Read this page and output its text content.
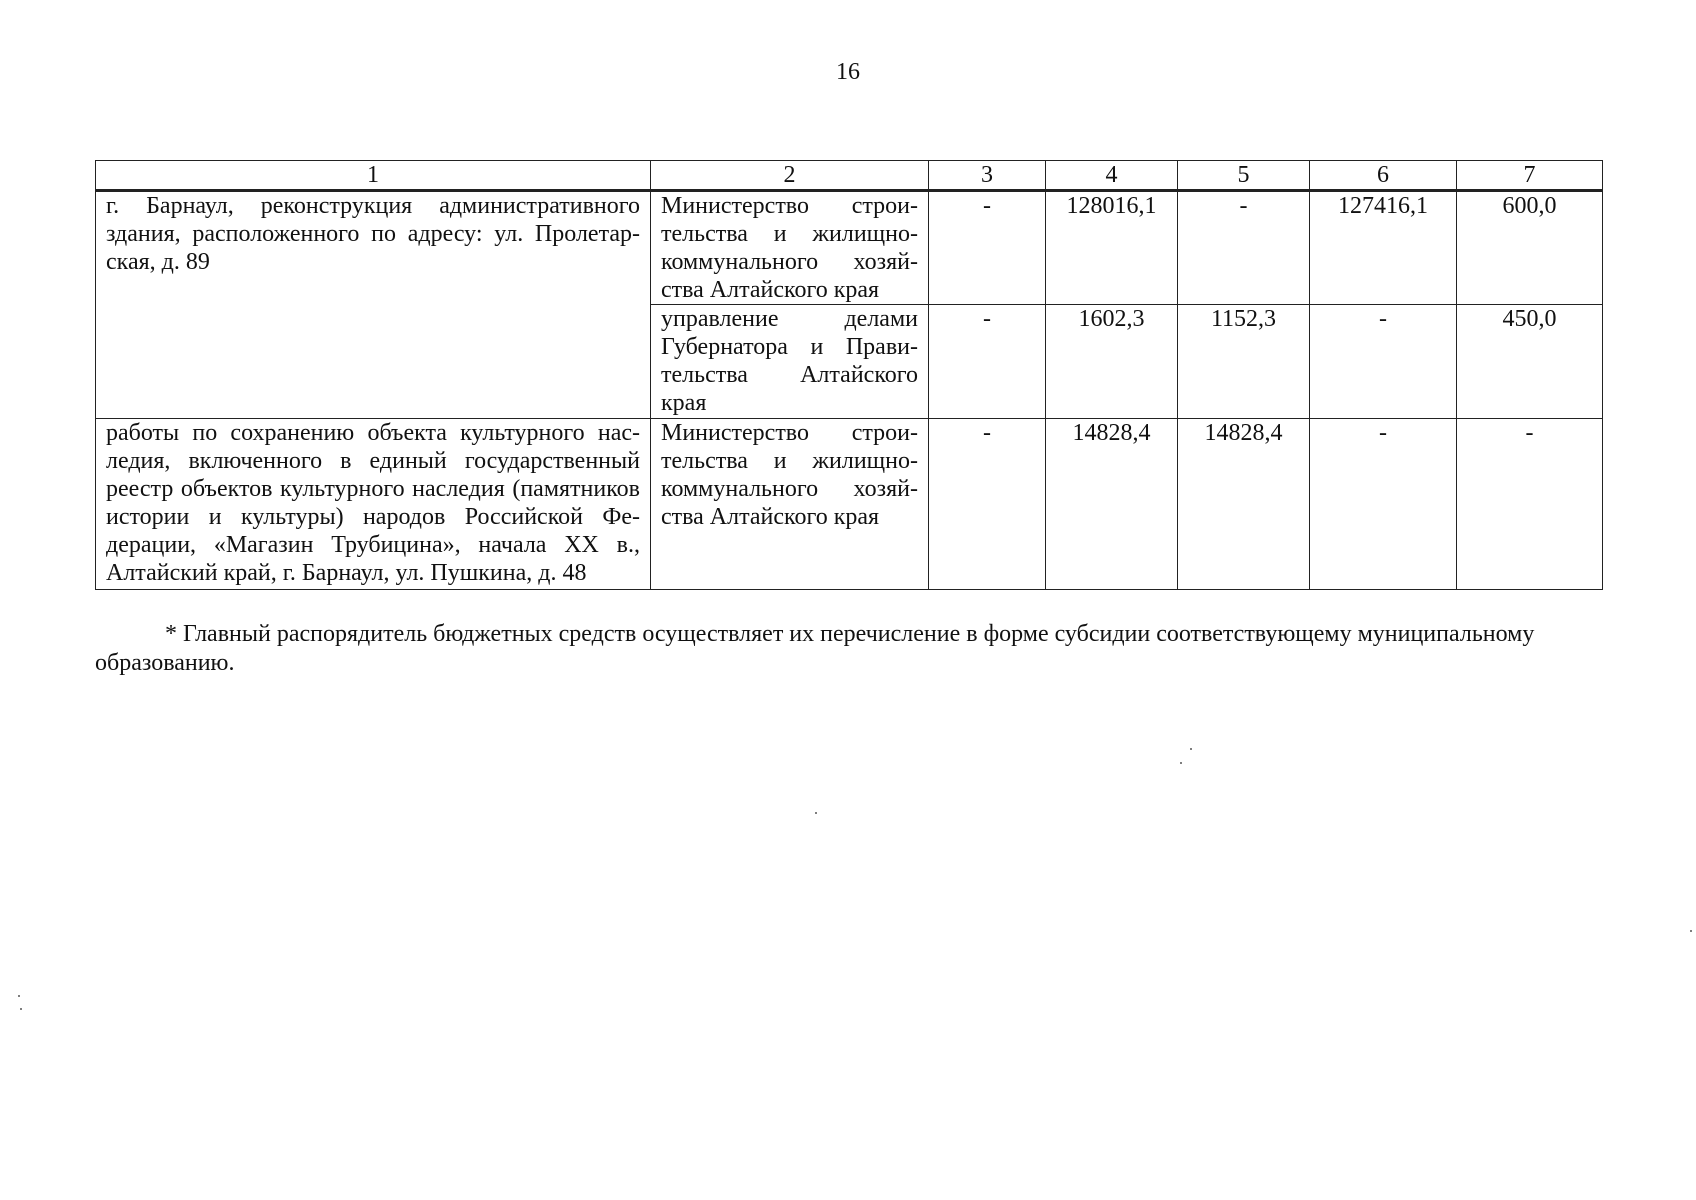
16
1	2	3	4	5	6	7
г. Барнаул, реконструкция административного здания, расположенного по адресу: ул. Пролетарская, д. 89	Министерство строительства и жилищно-коммунального хозяйства Алтайского края	-	128016,1	-	127416,1	600,0
	управление делами Губернатора и Правительства Алтайского края	-	1602,3	1152,3	-	450,0
работы по сохранению объекта культурного наследия, включенного в единый государственный реестр объектов культурного наследия (памятников истории и культуры) народов Российской Федерации, «Магазин Трубицина», начала XX в., Алтайский край, г. Барнаул, ул. Пушкина, д. 48	Министерство строительства и жилищно-коммунального хозяйства Алтайского края	-	14828,4	14828,4	-	-

* Главный распорядитель бюджетных средств осуществляет их перечисление в форме субсидии соответствующему муниципальному образованию.
